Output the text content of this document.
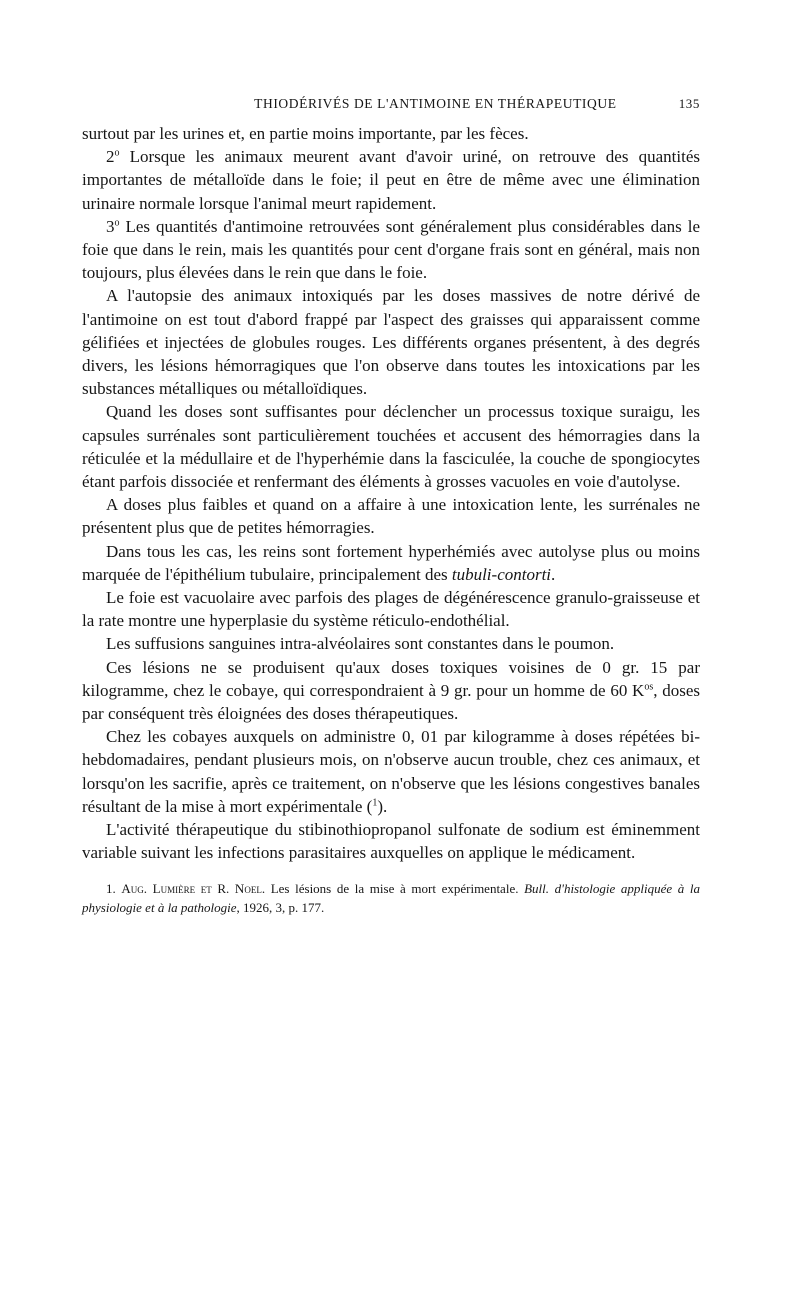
THIODÉRIVÉS DE L'ANTIMOINE EN THÉRAPEUTIQUE	135

surtout par les urines et, en partie moins importante, par les fèces.

2$^o$ Lorsque les animaux meurent avant d'avoir uriné, on retrouve des quantités importantes de métalloïde dans le foie; il peut en être de même avec une élimination urinaire normale lorsque l'animal meurt rapidement.

3$^o$ Les quantités d'antimoine retrouvées sont généralement plus considérables dans le foie que dans le rein, mais les quantités pour cent d'organe frais sont en général, mais non toujours, plus élevées dans le rein que dans le foie.

A l'autopsie des animaux intoxiqués par les doses massives de notre dérivé de l'antimoine on est tout d'abord frappé par l'aspect des graisses qui apparaissent comme gélifiées et injectées de globules rouges. Les différents organes présentent, à des degrés divers, les lésions hémorragiques que l'on observe dans toutes les intoxications par les substances métalliques ou métalloïdiques.

Quand les doses sont suffisantes pour déclencher un processus toxique suraigu, les capsules surrénales sont particulièrement touchées et accusent des hémorragies dans la réticulée et la médullaire et de l'hyperhémie dans la fasciculée, la couche de spongiocytes étant parfois dissociée et renfermant des éléments à grosses vacuoles en voie d'autolyse.

A doses plus faibles et quand on a affaire à une intoxication lente, les surrénales ne présentent plus que de petites hémorragies.

Dans tous les cas, les reins sont fortement hyperhémiés avec autolyse plus ou moins marquée de l'épithélium tubulaire, principalement des tubuli-contorti.

Le foie est vacuolaire avec parfois des plages de dégénérescence granulo-graisseuse et la rate montre une hyperplasie du système réticulo-endothélial.

Les suffusions sanguines intra-alvéolaires sont constantes dans le poumon.

Ces lésions ne se produisent qu'aux doses toxiques voisines de 0 gr. 15 par kilogramme, chez le cobaye, qui correspondraient à 9 gr. pour un homme de 60 $K^{os}$, doses par conséquent très éloignées des doses thérapeutiques.

Chez les cobayes auxquels on administre 0, 01 par kilogramme à doses répétées bi-hebdomadaires, pendant plusieurs mois, on n'observe aucun trouble, chez ces animaux, et lorsqu'on les sacrifie, après ce traitement, on n'observe que les lésions congestives banales résultant de la mise à mort expérimentale ($^1$).

L'activité thérapeutique du stibinothiopropanol sulfonate de sodium est éminemment variable suivant les infections parasitaires auxquelles on applique le médicament.

1. Aug. Lumière et R. Noel. Les lésions de la mise à mort expérimentale. Bull. d'histologie appliquée à la physiologie et à la pathologie, 1926, 3, p. 177.
